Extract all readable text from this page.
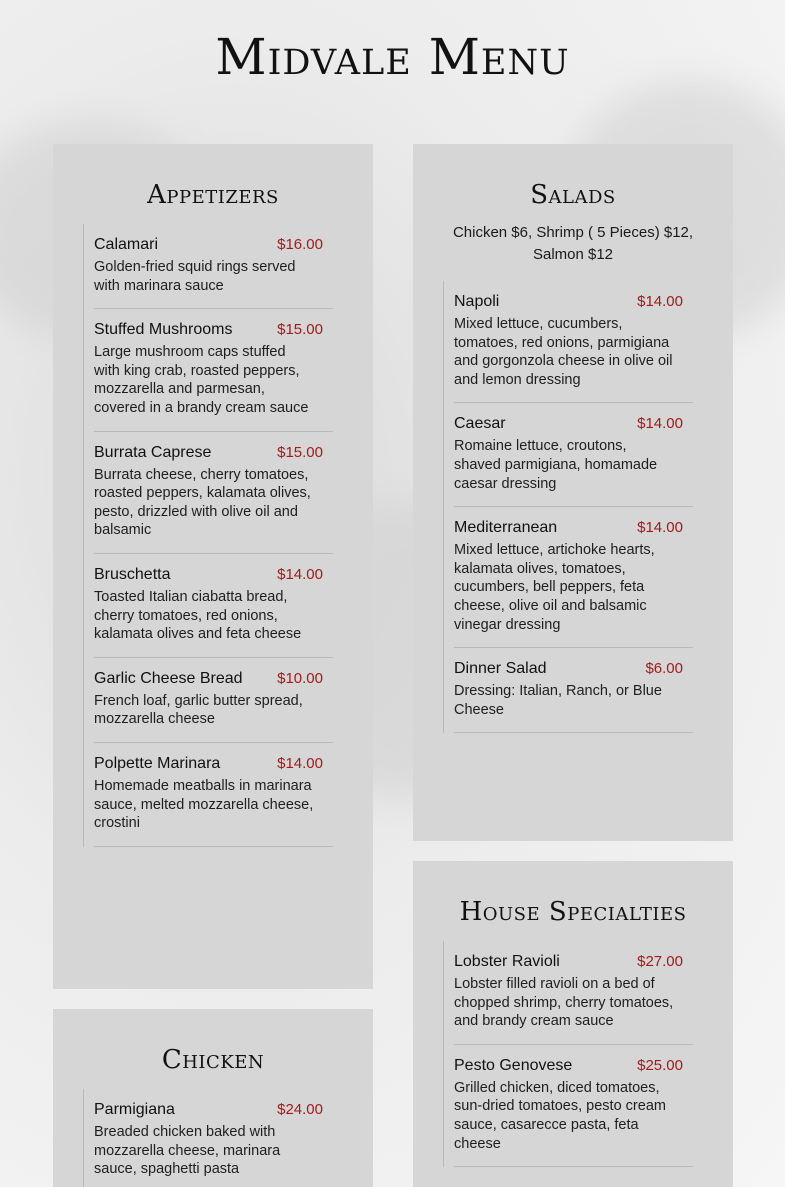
Midvale Menu
Appetizers
Calamari	$16.00
Golden-fried squid rings served with marinara sauce
Stuffed Mushrooms	$15.00
Large mushroom caps stuffed with king crab, roasted peppers, mozzarella and parmesan, covered in a brandy cream sauce
Burrata Caprese	$15.00
Burrata cheese, cherry tomatoes, roasted peppers, kalamata olives, pesto, drizzled with olive oil and balsamic
Bruschetta	$14.00
Toasted Italian ciabatta bread, cherry tomatoes, red onions, kalamata olives and feta cheese
Garlic Cheese Bread $10.00
French loaf, garlic butter spread, mozzarella cheese
Polpette Marinara	$14.00
Homemade meatballs in marinara sauce, melted mozzarella cheese, crostini
Salads
Chicken $6, Shrimp ( 5 Pieces) $12, Salmon $12
Napoli	$14.00
Mixed lettuce, cucumbers, tomatoes, red onions, parmigiana and gorgonzola cheese in olive oil and lemon dressing
Caesar	$14.00
Romaine lettuce, croutons, shaved parmigiana, homamade caesar dressing
Mediterranean	$14.00
Mixed lettuce, artichoke hearts, kalamata olives, tomatoes, cucumbers, bell peppers, feta cheese, olive oil and balsamic vinegar dressing
Dinner Salad	$6.00
Dressing: Italian, Ranch, or Blue Cheese
Chicken
Parmigiana	$24.00
Breaded chicken baked with mozzarella cheese, marinara sauce, spaghetti pasta
House Specialties
Lobster Ravioli	$27.00
Lobster filled ravioli on a bed of chopped shrimp, cherry tomatoes, and brandy cream sauce
Pesto Genovese	$25.00
Grilled chicken, diced tomatoes, sun-dried tomatoes, pesto cream sauce, casarecce pasta, feta cheese
